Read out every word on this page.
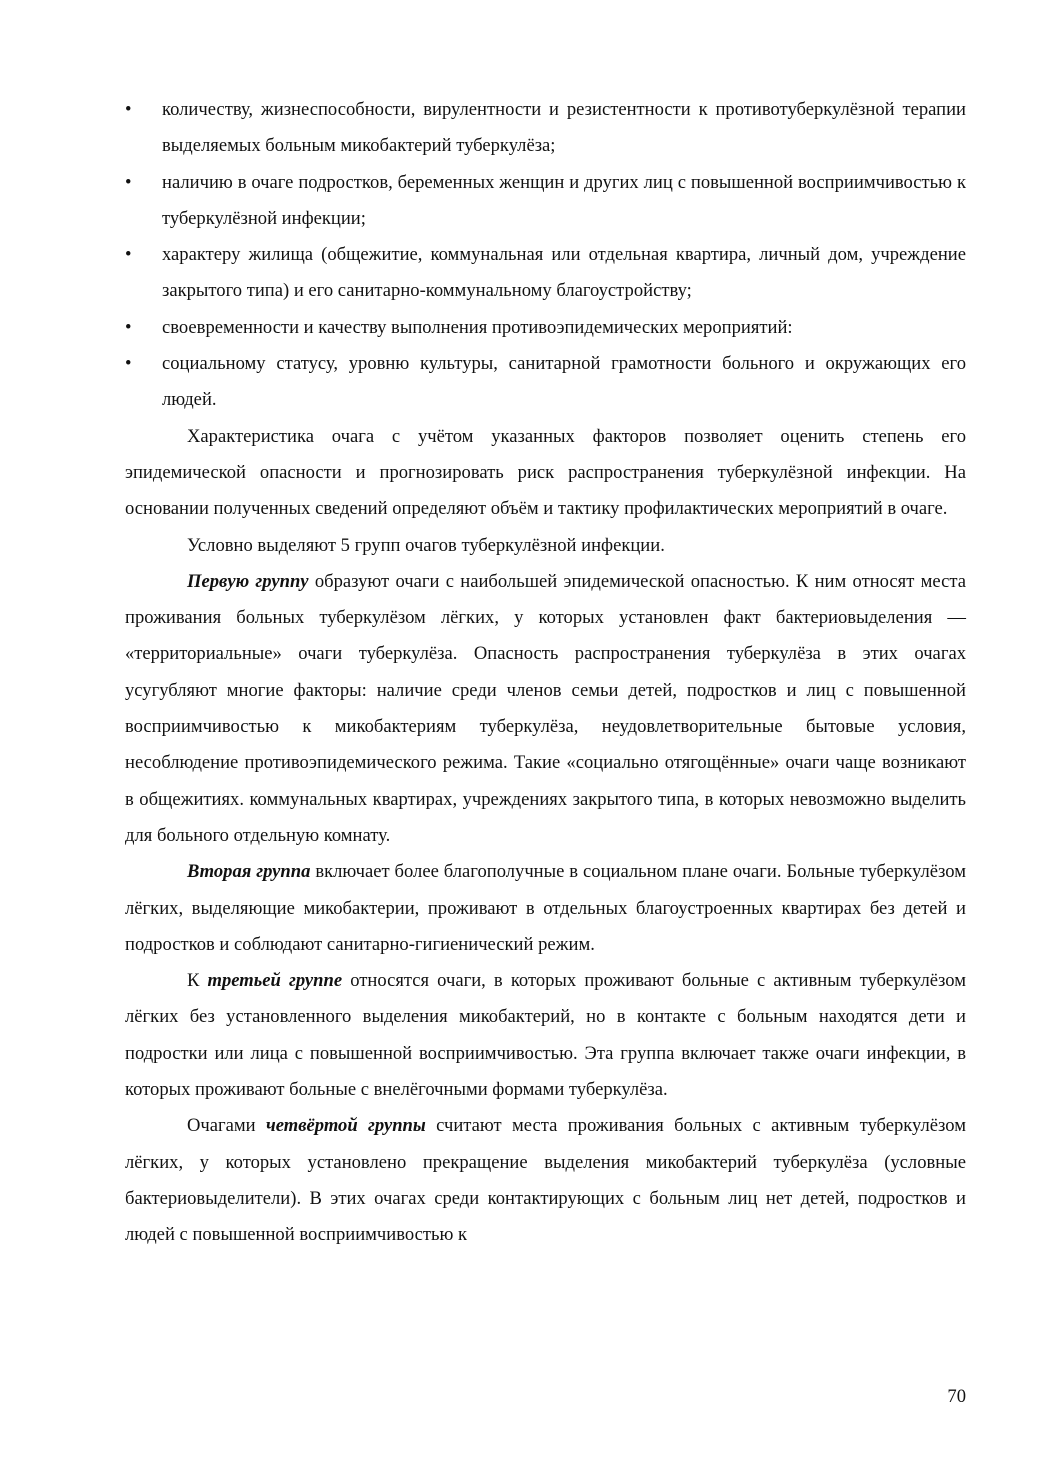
• количеству, жизнеспособности, вирулентности и резистентности к противотуберкулёзной терапии выделяемых больным микобактерий туберкулёза;
• наличию в очаге подростков, беременных женщин и других лиц с повышенной восприимчивостью к туберкулёзной инфекции;
• характеру жилища (общежитие, коммунальная или отдельная квартира, личный дом, учреждение закрытого типа) и его санитарно-коммунальному благоустройству;
• своевременности и качеству выполнения противоэпидемических мероприятий:
• социальному статусу, уровню культуры, санитарной грамотности больного и окружающих его людей.

Характеристика очага с учётом указанных факторов позволяет оценить степень его эпидемической опасности и прогнозировать риск распространения туберкулёзной инфекции. На основании полученных сведений определяют объём и тактику профилактических мероприятий в очаге.

Условно выделяют 5 групп очагов туберкулёзной инфекции.

Первую группу образуют очаги с наибольшей эпидемической опасностью. К ним относят места проживания больных туберкулёзом лёгких, у которых установлен факт бактериовыделения — «территориальные» очаги туберкулёза. Опасность распространения туберкулёза в этих очагах усугубляют многие факторы: наличие среди членов семьи детей, подростков и лиц с повышенной восприимчивостью к микобактериям туберкулёза, неудовлетворительные бытовые условия, несоблюдение противоэпидемического режима. Такие «социально отягощённые» очаги чаще возникают в общежитиях. коммунальных квартирах, учреждениях закрытого типа, в которых невозможно выделить для больного отдельную комнату.

Вторая группа включает более благополучные в социальном плане очаги. Больные туберкулёзом лёгких, выделяющие микобактерии, проживают в отдельных благоустроенных квартирах без детей и подростков и соблюдают санитарно-гигиенический режим.

К третьей группе относятся очаги, в которых проживают больные с активным туберкулёзом лёгких без установленного выделения микобактерий, но в контакте с больным находятся дети и подростки или лица с повышенной восприимчивостью. Эта группа включает также очаги инфекции, в которых проживают больные с внелёгочными формами туберкулёза.

Очагами четвёртой группы считают места проживания больных с активным туберкулёзом лёгких, у которых установлено прекращение выделения микобактерий туберкулёза (условные бактериовыделители). В этих очагах среди контактирующих с больным лиц нет детей, подростков и людей с повышенной восприимчивостью к

70
